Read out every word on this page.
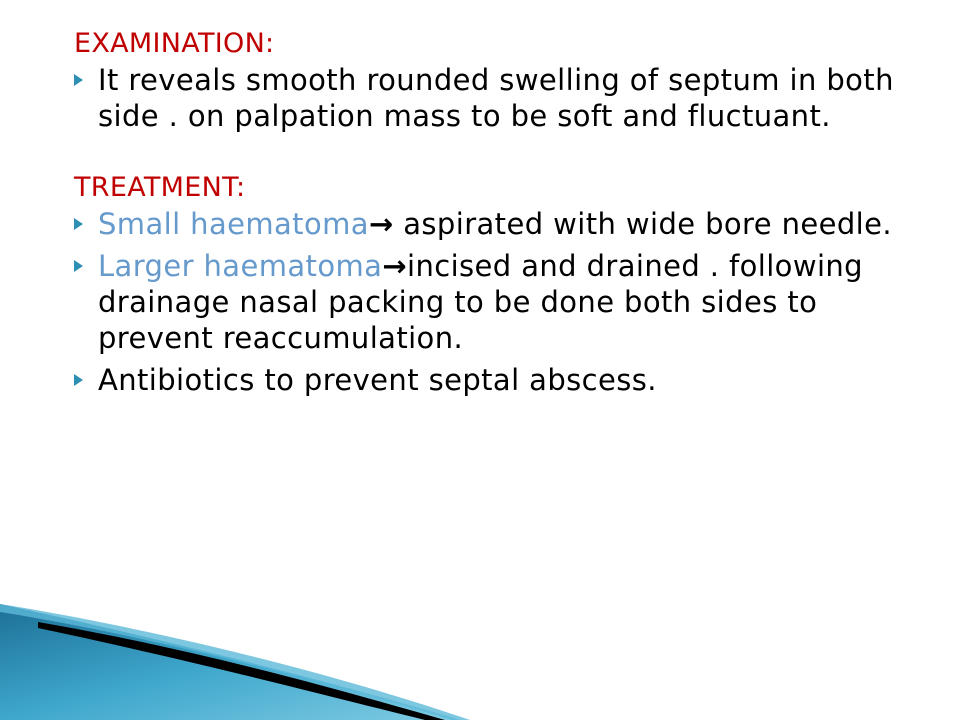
EXAMINATION:
It reveals smooth rounded swelling of septum in both side . on palpation mass to be soft and fluctuant.
TREATMENT:
Small haematoma→ aspirated with wide bore needle.
Larger haematoma→incised and drained . following drainage nasal packing to be done both sides to prevent reaccumulation.
Antibiotics to prevent septal abscess.
